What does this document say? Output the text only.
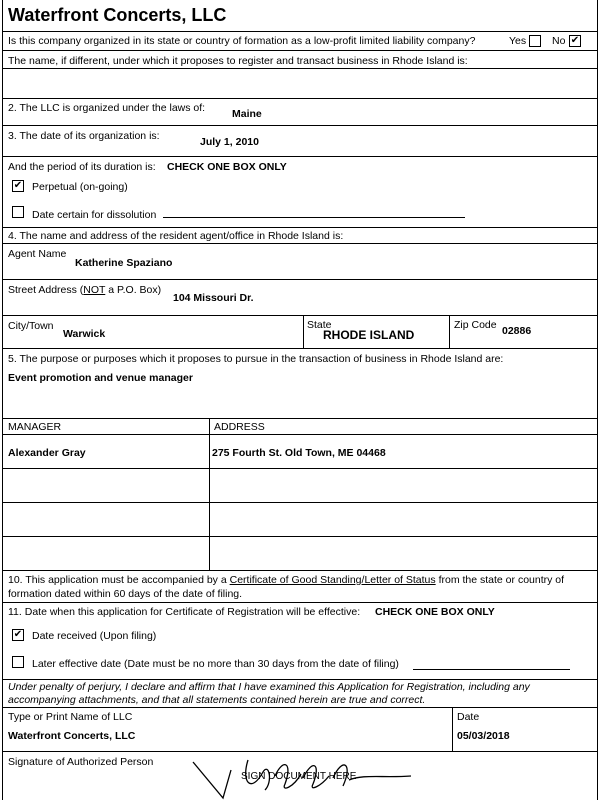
Waterfront Concerts, LLC
Is this company organized in its state or country of formation as a low-profit limited liability company?	Yes No ✔
The name, if different, under which it proposes to register and transact business in Rhode Island is:
2. The LLC is organized under the laws of:	Maine
3. The date of its organization is:	July 1, 2010
And the period of its duration is: CHECK ONE BOX ONLY
✔ Perpetual (on-going)
Date certain for dissolution
4. The name and address of the resident agent/office in Rhode Island is:
Agent Name
Katherine Spaziano
Street Address (NOT a P.O. Box)
104 Missouri Dr.
City/Town
Warwick
State
RHODE ISLAND
Zip Code 02886
5. The purpose or purposes which it proposes to pursue in the transaction of business in Rhode Island are:
Event promotion and venue manager
MANAGER	ADDRESS
Alexander Gray	275 Fourth St. Old Town, ME 04468
10. This application must be accompanied by a Certificate of Good Standing/Letter of Status from the state or country of
formation dated within 60 days of the date of filing.
11. Date when this application for Certificate of Registration will be effective: CHECK ONE BOX ONLY
✔ Date received (Upon filing)
Later effective date (Date must be no more than 30 days from the date of filing)
Under penalty of perjury, I declare and affirm that I have examined this Application for Registration, including any
accompanying attachments, and that all statements contained herein are true and correct.
Type or Print Name of LLC
Waterfront Concerts, LLC
Date
05/03/2018
Signature of Authorized Person
SIGN DOCUMENT HERE
